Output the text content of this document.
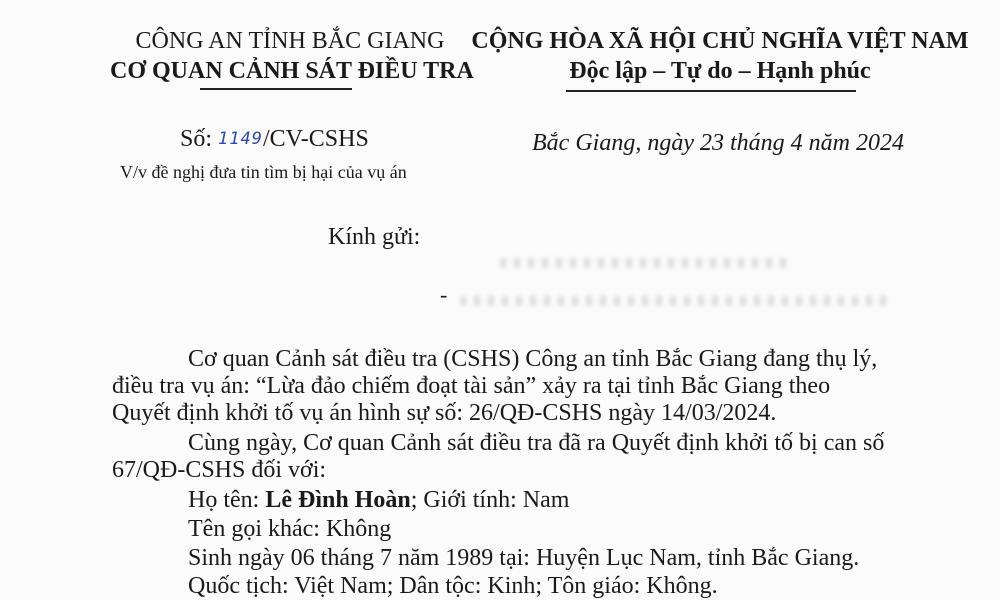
CÔNG AN TỈNH BẮC GIANG
CƠ QUAN CẢNH SÁT ĐIỀU TRA
CỘNG HÒA XÃ HỘI CHỦ NGHĨA VIỆT NAM
Độc lập – Tự do – Hạnh phúc
Số: 1149/CV-CSHS
V/v đề nghị đưa tin tìm bị hại của vụ án
Bắc Giang, ngày 23 tháng 4 năm 2024
Kính gửi:
-
Cơ quan Cảnh sát điều tra (CSHS) Công an tỉnh Bắc Giang đang thụ lý,
điều tra vụ án: “Lừa đảo chiếm đoạt tài sản” xảy ra tại tỉnh Bắc Giang theo
Quyết định khởi tố vụ án hình sự số: 26/QĐ-CSHS ngày 14/03/2024.
Cùng ngày, Cơ quan Cảnh sát điều tra đã ra Quyết định khởi tố bị can số
67/QĐ-CSHS đối với:
Họ tên: Lê Đình Hoàn; Giới tính: Nam
Tên gọi khác: Không
Sinh ngày 06 tháng 7 năm 1989 tại: Huyện Lục Nam, tỉnh Bắc Giang.
Quốc tịch: Việt Nam; Dân tộc: Kinh; Tôn giáo: Không.
